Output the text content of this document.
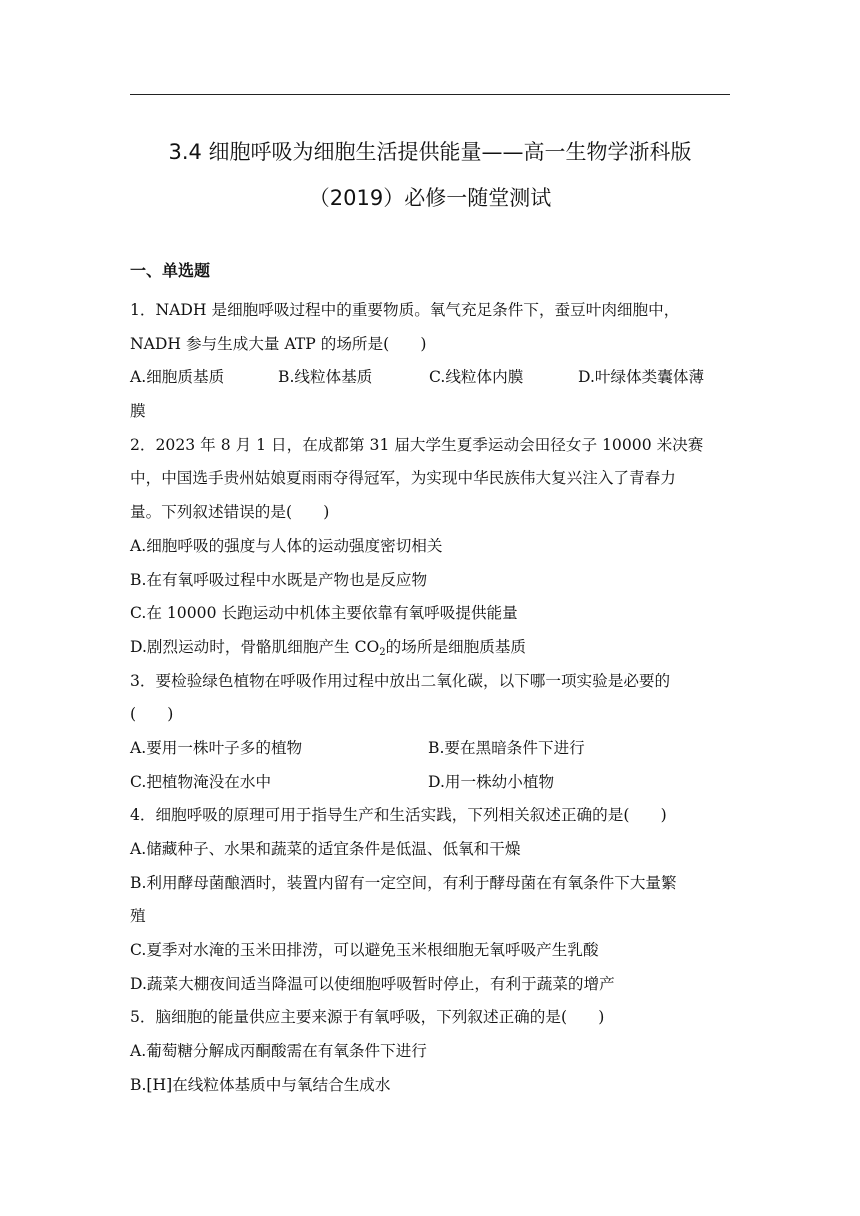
3.4 细胞呼吸为细胞生活提供能量——高一生物学浙科版
（2019）必修一随堂测试
一、单选题
1．NADH 是细胞呼吸过程中的重要物质。氧气充足条件下，蚕豆叶肉细胞中，
NADH 参与生成大量 ATP 的场所是(　　)
A.细胞质基质	B.线粒体基质	C.线粒体内膜	D.叶绿体类囊体薄
膜
2．2023 年 8 月 1 日，在成都第 31 届大学生夏季运动会田径女子 10000 米决赛
中，中国选手贵州姑娘夏雨雨夺得冠军，为实现中华民族伟大复兴注入了青春力
量。下列叙述错误的是(　　)
A.细胞呼吸的强度与人体的运动强度密切相关
B.在有氧呼吸过程中水既是产物也是反应物
C.在 10000 长跑运动中机体主要依靠有氧呼吸提供能量
D.剧烈运动时，骨骼肌细胞产生 $CO_2$的场所是细胞质基质
3．要检验绿色植物在呼吸作用过程中放出二氧化碳，以下哪一项实验是必要的
(　　)
A.要用一株叶子多的植物	B.要在黑暗条件下进行
C.把植物淹没在水中	D.用一株幼小植物
4．细胞呼吸的原理可用于指导生产和生活实践，下列相关叙述正确的是(　　)
A.储藏种子、水果和蔬菜的适宜条件是低温、低氧和干燥
B.利用酵母菌酿酒时，装置内留有一定空间，有利于酵母菌在有氧条件下大量繁
殖
C.夏季对水淹的玉米田排涝，可以避免玉米根细胞无氧呼吸产生乳酸
D.蔬菜大棚夜间适当降温可以使细胞呼吸暂时停止，有利于蔬菜的增产
5．脑细胞的能量供应主要来源于有氧呼吸，下列叙述正确的是(　　)
A.葡萄糖分解成丙酮酸需在有氧条件下进行
B.[H]在线粒体基质中与氧结合生成水
